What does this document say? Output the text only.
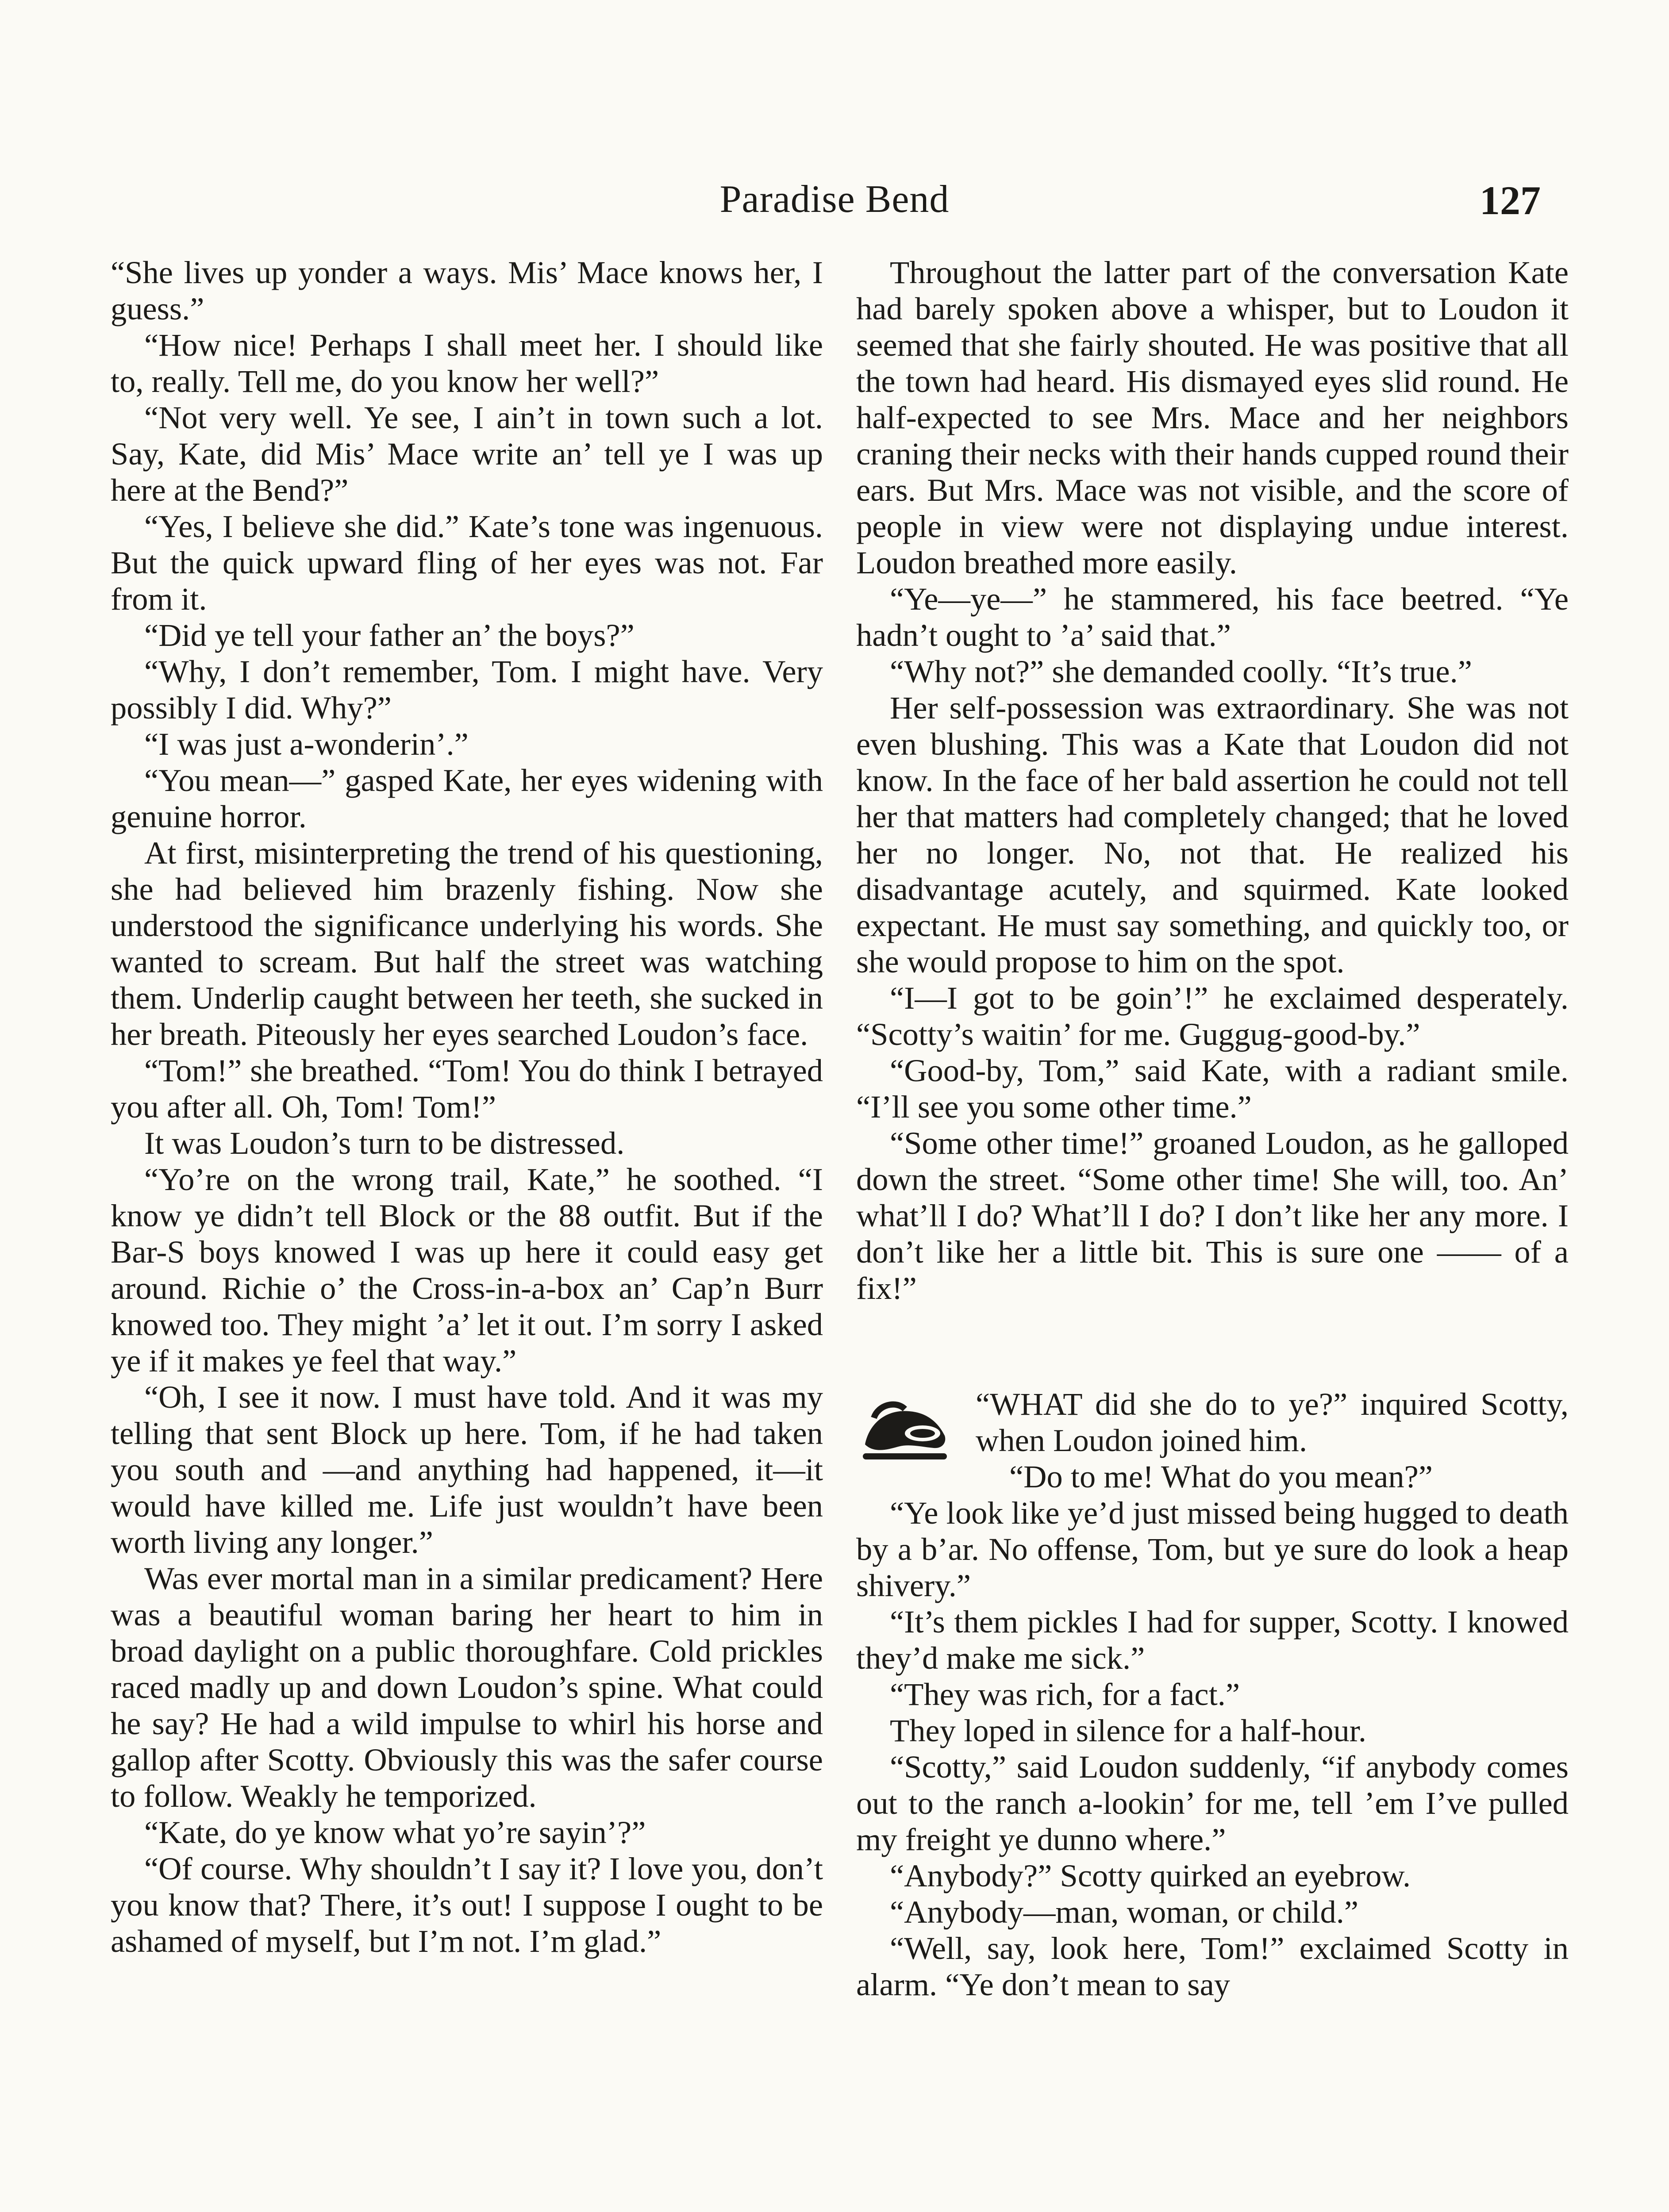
Paradise Bend	127

“She lives up yonder a ways. Mis’ Mace knows her, I guess.”

“How nice! Perhaps I shall meet her. I should like to, really. Tell me, do you know her well?”

“Not very well. Ye see, I ain’t in town such a lot. Say, Kate, did Mis’ Mace write an’ tell ye I was up here at the Bend?”

“Yes, I believe she did.” Kate’s tone was ingenuous. But the quick upward fling of her eyes was not. Far from it.

“Did ye tell your father an’ the boys?”

“Why, I don’t remember, Tom. I might have. Very possibly I did. Why?”

“I was just a-wonderin’.”

“You mean—” gasped Kate, her eyes widening with genuine horror.

At first, misinterpreting the trend of his questioning, she had believed him brazenly fishing. Now she understood the significance underlying his words. She wanted to scream. But half the street was watching them. Underlip caught between her teeth, she sucked in her breath. Piteously her eyes searched Loudon’s face.

“Tom!” she breathed. “Tom! You do think I betrayed you after all. Oh, Tom! Tom!”

It was Loudon’s turn to be distressed.

“Yo’re on the wrong trail, Kate,” he soothed. “I know ye didn’t tell Block or the 88 outfit. But if the Bar-S boys knowed I was up here it could easy get around. Richie o’ the Cross-in-a-box an’ Cap’n Burr knowed too. They might ’a’ let it out. I’m sorry I asked ye if it makes ye feel that way.”

“Oh, I see it now. I must have told. And it was my telling that sent Block up here. Tom, if he had taken you south and —and anything had happened, it—it would have killed me. Life just wouldn’t have been worth living any longer.”

Was ever mortal man in a similar predicament? Here was a beautiful woman baring her heart to him in broad daylight on a public thoroughfare. Cold prickles raced madly up and down Loudon’s spine. What could he say? He had a wild impulse to whirl his horse and gallop after Scotty. Obviously this was the safer course to follow. Weakly he temporized.

“Kate, do ye know what yo’re sayin’?”

“Of course. Why shouldn’t I say it? I love you, don’t you know that? There, it’s out! I suppose I ought to be ashamed of myself, but I’m not. I’m glad.”

Throughout the latter part of the conversation Kate had barely spoken above a whisper, but to Loudon it seemed that she fairly shouted. He was positive that all the town had heard. His dismayed eyes slid round. He half-expected to see Mrs. Mace and her neighbors craning their necks with their hands cupped round their ears. But Mrs. Mace was not visible, and the score of people in view were not displaying undue interest. Loudon breathed more easily.

“Ye—ye—” he stammered, his face beetred. “Ye hadn’t ought to ’a’ said that.”

“Why not?” she demanded coolly. “It’s true.”

Her self-possession was extraordinary. She was not even blushing. This was a Kate that Loudon did not know. In the face of her bald assertion he could not tell her that matters had completely changed; that he loved her no longer. No, not that. He realized his disadvantage acutely, and squirmed. Kate looked expectant. He must say something, and quickly too, or she would propose to him on the spot.

“I—I got to be goin’!” he exclaimed desperately. “Scotty’s waitin’ for me. Guggug-good-by.”

“Good-by, Tom,” said Kate, with a radiant smile. “I’ll see you some other time.”

“Some other time!” groaned Loudon, as he galloped down the street. “Some other time! She will, too. An’ what’ll I do? What’ll I do? I don’t like her any more. I don’t like her a little bit. This is sure one —— of a fix!”

“WHAT did she do to ye?” inquired Scotty, when Loudon joined him.

“Do to me! What do you mean?”

“Ye look like ye’d just missed being hugged to death by a b’ar. No offense, Tom, but ye sure do look a heap shivery.”

“It’s them pickles I had for supper, Scotty. I knowed they’d make me sick.”

“They was rich, for a fact.”

They loped in silence for a half-hour.

“Scotty,” said Loudon suddenly, “if anybody comes out to the ranch a-lookin’ for me, tell ’em I’ve pulled my freight ye dunno where.”

“Anybody?” Scotty quirked an eyebrow.

“Anybody—man, woman, or child.”

“Well, say, look here, Tom!” exclaimed Scotty in alarm. “Ye don’t mean to say
